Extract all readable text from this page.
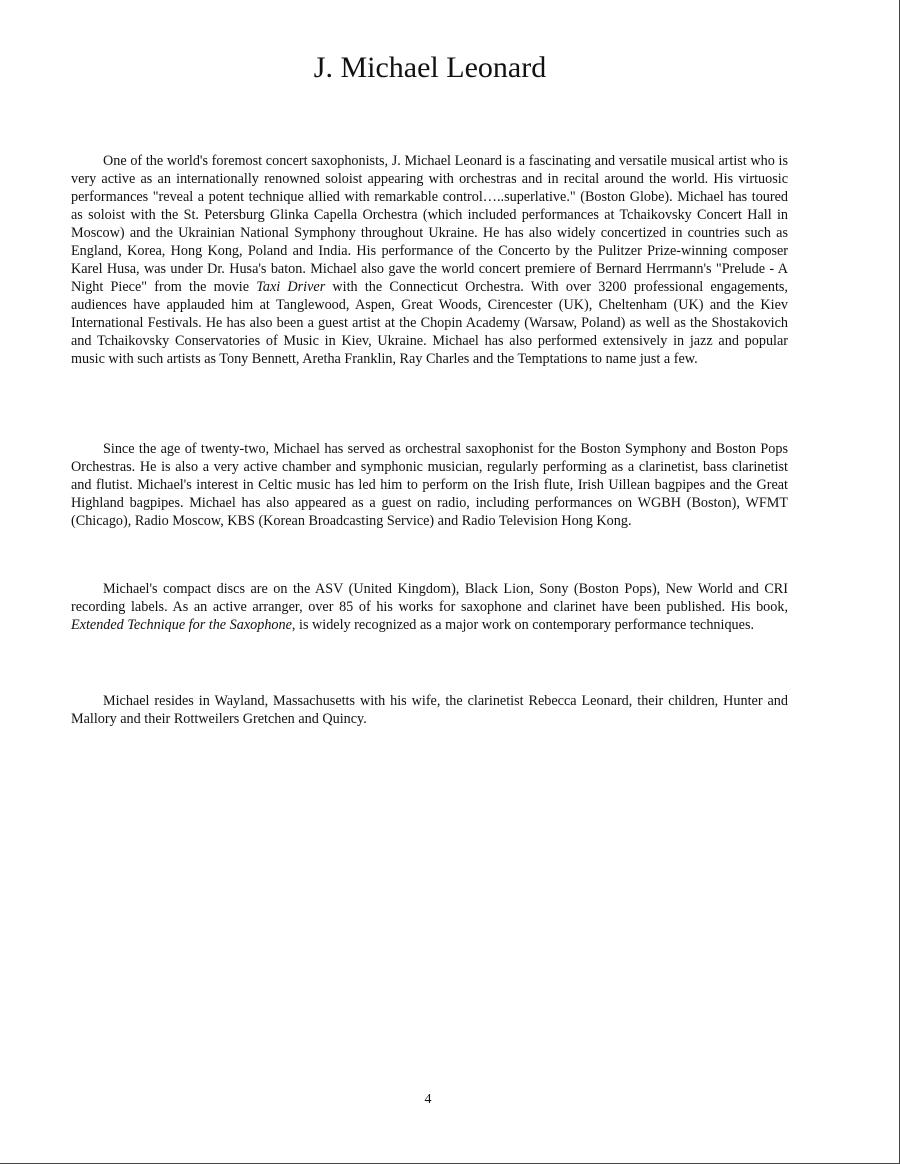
J. Michael Leonard

One of the world's foremost concert saxophonists, J. Michael Leonard is a fascinating and versatile musical artist who is very active as an internationally renowned soloist appearing with orchestras and in recital around the world. His virtuosic performances "reveal a potent technique allied with remarkable control…..superlative." (Boston Globe). Michael has toured as soloist with the St. Petersburg Glinka Capella Orchestra (which included performances at Tchaikovsky Concert Hall in Moscow) and the Ukrainian National Symphony throughout Ukraine. He has also widely concertized in countries such as England, Korea, Hong Kong, Poland and India. His performance of the Concerto by the Pulitzer Prize-winning composer Karel Husa, was under Dr. Husa's baton. Michael also gave the world concert premiere of Bernard Herrmann's "Prelude - A Night Piece" from the movie Taxi Driver with the Connecticut Orchestra. With over 3200 professional engagements, audiences have applauded him at Tanglewood, Aspen, Great Woods, Cirencester (UK), Cheltenham (UK) and the Kiev International Festivals. He has also been a guest artist at the Chopin Academy (Warsaw, Poland) as well as the Shostakovich and Tchaikovsky Conservatories of Music in Kiev, Ukraine. Michael has also performed extensively in jazz and popular music with such artists as Tony Bennett, Aretha Franklin, Ray Charles and the Temptations to name just a few.

Since the age of twenty-two, Michael has served as orchestral saxophonist for the Boston Symphony and Boston Pops Orchestras. He is also a very active chamber and symphonic musician, regularly performing as a clarinetist, bass clarinetist and flutist. Michael's interest in Celtic music has led him to perform on the Irish flute, Irish Uillean bagpipes and the Great Highland bagpipes. Michael has also appeared as a guest on radio, including performances on WGBH (Boston), WFMT (Chicago), Radio Moscow, KBS (Korean Broadcasting Service) and Radio Television Hong Kong.

Michael's compact discs are on the ASV (United Kingdom), Black Lion, Sony (Boston Pops), New World and CRI recording labels. As an active arranger, over 85 of his works for saxophone and clarinet have been published. His book, Extended Technique for the Saxophone, is widely recognized as a major work on contemporary performance techniques.

Michael resides in Wayland, Massachusetts with his wife, the clarinetist Rebecca Leonard, their children, Hunter and Mallory and their Rottweilers Gretchen and Quincy.

4
